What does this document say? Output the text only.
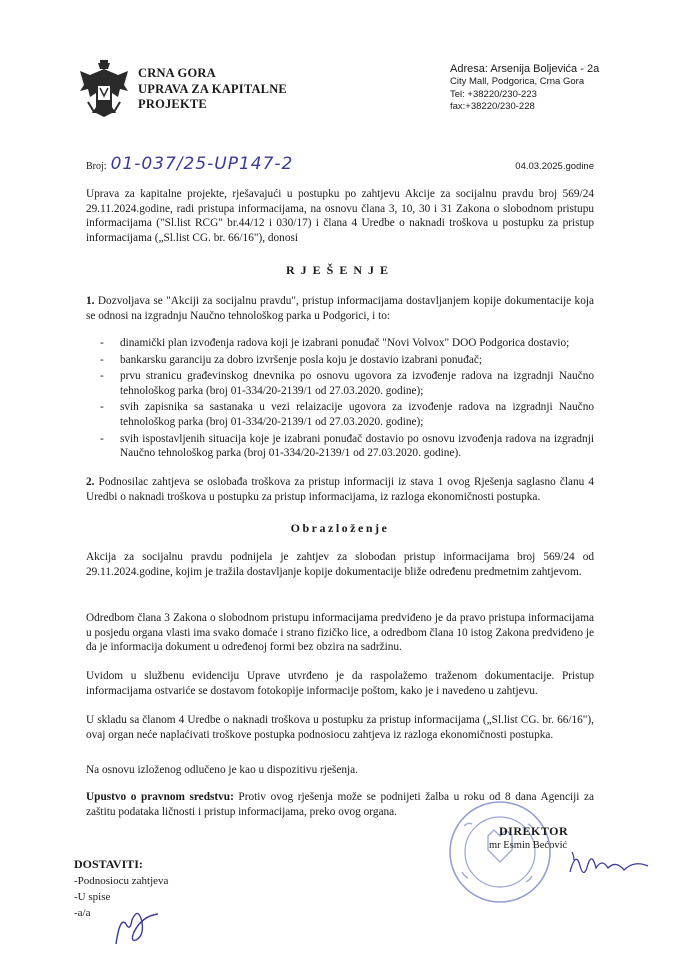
CRNA GORA
UPRAVA ZA KAPITALNE
PROJEKTE
Adresa: Arsenija Boljevića - 2a
City Mall, Podgorica, Crna Gora
Tel: +38220/230-223
fax:+38220/230-228
Broj: 01-037/25-UP147-2	04.03.2025.godine
Uprava za kapitalne projekte, rješavajući u postupku po zahtjevu Akcije za socijalnu pravdu broj 569/24 29.11.2024.godine, radi pristupa informacijama, na osnovu člana 3, 10, 30 i 31 Zakona o slobodnom pristupu informacijama ("Sl.list RCG" br.44/12 i 030/17) i člana 4 Uredbe o naknadi troškova u postupku za pristup informacijama („Sl.list CG. br. 66/16"), donosi
RJEŠENJE
1. Dozvoljava se "Akciji za socijalnu pravdu", pristup informacijama dostavljanjem kopije dokumentacije koja se odnosi na izgradnju Naučno tehnološkog parka u Podgorici, i to:
- dinamički plan izvođenja radova koji je izabrani ponuđač "Novi Volvox" DOO Podgorica dostavio;
- bankarsku garanciju za dobro izvršenje posla koju je dostavio izabrani ponuđač;
- prvu stranicu građevinskog dnevnika po osnovu ugovora za izvođenje radova na izgradnji Naučno tehnološkog parka (broj 01-334/20-2139/1 od 27.03.2020. godine);
- svih zapisnika sa sastanaka u vezi relaizacije ugovora za izvođenje radova na izgradnji Naučno tehnološkog parka (broj 01-334/20-2139/1 od 27.03.2020. godine);
- svih ispostavljenih situacija koje je izabrani ponuđač dostavio po osnovu izvođenja radova na izgradnji Naučno tehnološkog parka (broj 01-334/20-2139/1 od 27.03.2020. godine).
2. Podnosilac zahtjeva se oslobađa troškova za pristup informaciji iz stava 1 ovog Rješenja saglasno članu 4 Uredbi o naknadi troškova u postupku za pristup informacijama, iz razloga ekonomičnosti postupka.
Obrazloženje
Akcija za socijalnu pravdu podnijela je zahtjev za slobodan pristup informacijama broj 569/24 od 29.11.2024.godine, kojim je tražila dostavljanje kopije dokumentacije bliže određenu predmetnim zahtjevom.
Odredbom člana 3 Zakona o slobodnom pristupu informacijama predviđeno je da pravo pristupa informacijama u posjedu organa vlasti ima svako domaće i strano fizičko lice, a odredbom člana 10 istog Zakona predviđeno je da je informacija dokument u određenoj formi bez obzira na sadržinu.
Uvidom u službenu evidenciju Uprave utvrđeno je da raspolažemo traženom dokumentacije. Pristup informacijama ostvariće se dostavom fotokopije informacije poštom, kako je i navedeno u zahtjevu.
U skladu sa članom 4 Uredbe o naknadi troškova u postupku za pristup informacijama („Sl.list CG. br. 66/16"), ovaj organ neće naplaćivati troškove postupka podnosiocu zahtjeva iz razloga ekonomičnosti postupka.
Na osnovu izloženog odlučeno je kao u dispozitivu rješenja.
Upustvo o pravnom sredstvu: Protiv ovog rješenja može se podnijeti žalba u roku od 8 dana Agenciji za zaštitu podataka ličnosti i pristup informacijama, preko ovog organa.
DIREKTOR
mr Esmin Bećović
DOSTAVITI:
-Podnosiocu zahtjeva
-U spise
-a/a
